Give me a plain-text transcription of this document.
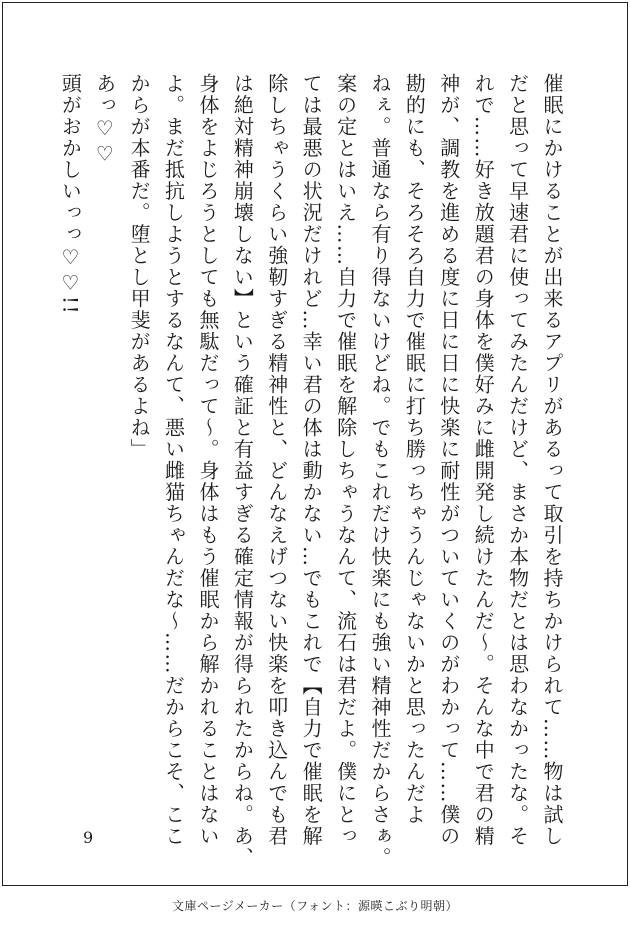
催眠にかけることが出来るアプリがあるって取引を持ちかけられて……物は試し
だと思って早速君に使ってみたんだけど、まさか本物だとは思わなかったな。そ
れで……好き放題君の身体を僕好みに雌開発し続けたんだ～。そんな中で君の精
神が、調教を進める度に日に日に快楽に耐性がついていくのがわかって……僕の
勘的にも、そろそろ自力で催眠に打ち勝っちゃうんじゃないかと思ったんだよ
ねぇ。普通なら有り得ないけどね。でもこれだけ快楽にも強い精神性だからさぁ。
案の定とはいえ……自力で催眠を解除しちゃうなんて、流石は君だよ。僕にとっ
ては最悪の状況だけれど…幸い君の体は動かない…でもこれで【自力で催眠を解
除しちゃうくらい強靭すぎる精神性と、どんなえげつない快楽を叩き込んでも君
は絶対精神崩壊しない】という確証と有益すぎる確定情報が得られたからね。あ、
身体をよじろうとしても無駄だって～。身体はもう催眠から解かれることはない
よ。まだ抵抗しようとするなんて、悪い雌猫ちゃんだな～……だからこそ、ここ
からが本番だ。堕とし甲斐があるよね」
あっ♡♡
頭がおかしいっっ♡♡!!
9
文庫ページメーカー（フォント：源暎こぶり明朝）
